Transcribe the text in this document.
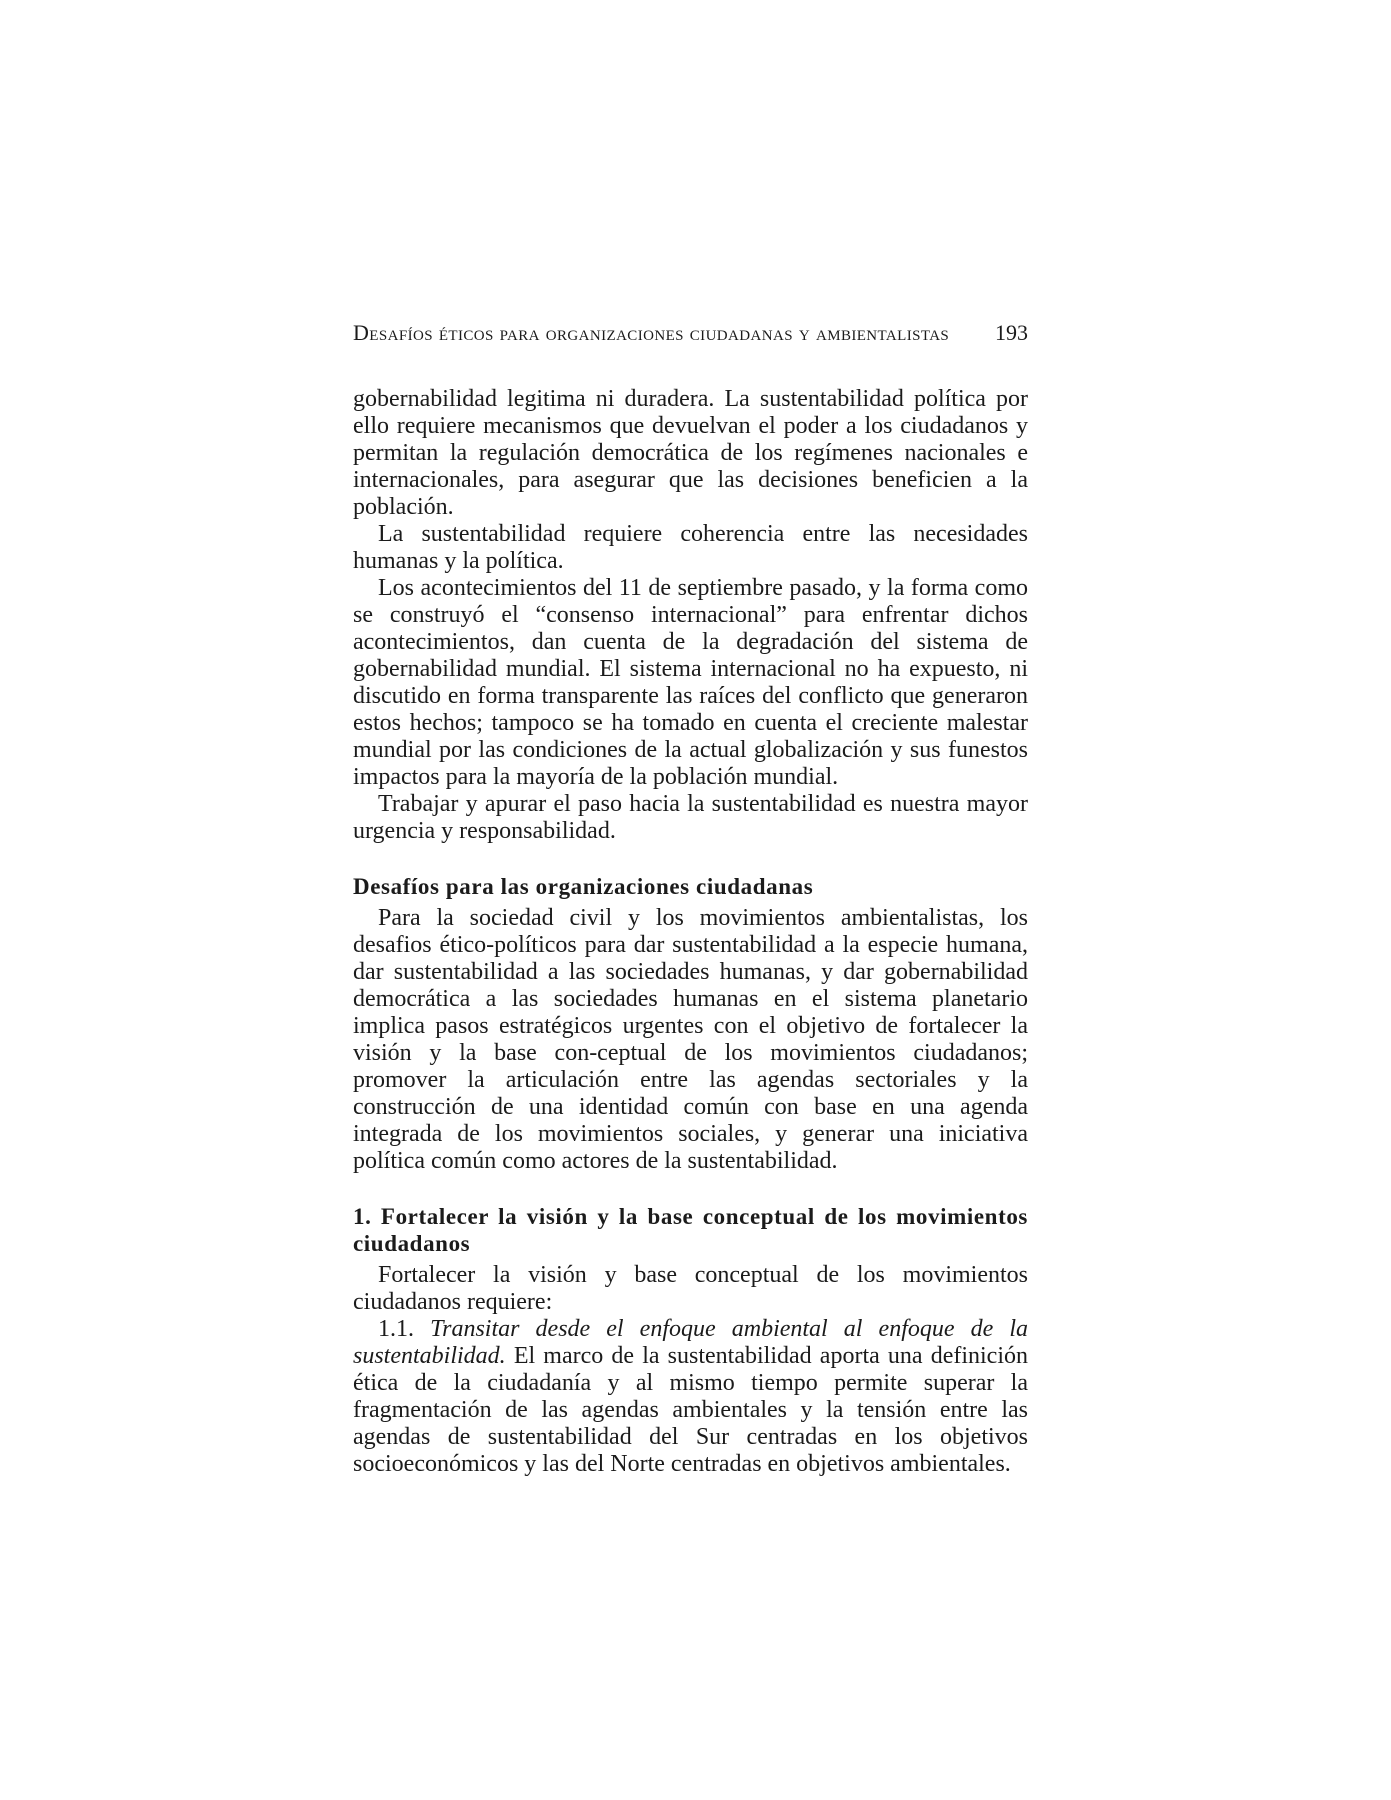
Desafíos éticos para organizaciones ciudadanas y ambientalistas 193

gobernabilidad legitima ni duradera. La sustentabilidad política por ello requiere mecanismos que devuelvan el poder a los ciudadanos y permitan la regulación democrática de los regímenes nacionales e internacionales, para asegurar que las decisiones beneficien a la población.

La sustentabilidad requiere coherencia entre las necesidades humanas y la política.

Los acontecimientos del 11 de septiembre pasado, y la forma como se construyó el “consenso internacional” para enfrentar dichos acontecimientos, dan cuenta de la degradación del sistema de gobernabilidad mundial. El sistema internacional no ha expuesto, ni discutido en forma transparente las raíces del conflicto que generaron estos hechos; tampoco se ha tomado en cuenta el creciente malestar mundial por las condiciones de la actual globalización y sus funestos impactos para la mayoría de la población mundial.

Trabajar y apurar el paso hacia la sustentabilidad es nuestra mayor urgencia y responsabilidad.

Desafíos para las organizaciones ciudadanas

Para la sociedad civil y los movimientos ambientalistas, los desafios ético-políticos para dar sustentabilidad a la especie humana, dar sustentabilidad a las sociedades humanas, y dar gobernabilidad democrática a las sociedades humanas en el sistema planetario implica pasos estratégicos urgentes con el objetivo de fortalecer la visión y la base con-ceptual de los movimientos ciudadanos; promover la articulación entre las agendas sectoriales y la construcción de una identidad común con base en una agenda integrada de los movimientos sociales, y generar una iniciativa política común como actores de la sustentabilidad.

1. Fortalecer la visión y la base conceptual de los movimientos ciudadanos

Fortalecer la visión y base conceptual de los movimientos ciudadanos requiere:

1.1. Transitar desde el enfoque ambiental al enfoque de la sustentabilidad. El marco de la sustentabilidad aporta una definición ética de la ciudadanía y al mismo tiempo permite superar la fragmentación de las agendas ambientales y la tensión entre las agendas de sustentabilidad del Sur centradas en los objetivos socioeconómicos y las del Norte centradas en objetivos ambientales.
